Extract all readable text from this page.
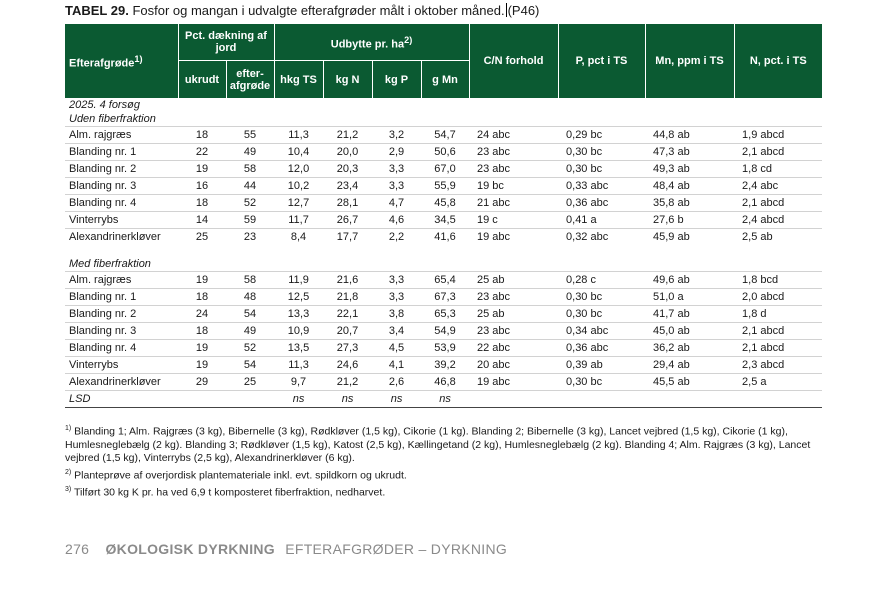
TABEL 29. Fosfor og mangan i udvalgte efterafgrøder målt i oktober måned. (P46)
Efterafgrøde$^{1)}$	Pct. dækning af jord		Udbytte pr. $ha^{2)}$				C/N forhold	P, pct i TS	Mn, ppm i TS	N, pct. i TS
	ukrudt	efter-afgrøde	hkg TS	kg N	kg P	g Mn				
2025. 4 forsøg										
Uden fiberfraktion										
Alm. rajgræs	18	55	11,3	21,2	3,2	54,7	24 abc	0,29 bc	44,8 ab	1,9 abcd
Blanding nr. 1	22	49	10,4	20,0	2,9	50,6	23 abc	0,30 bc	47,3 ab	2,1 abcd
Blanding nr. 2	19	58	12,0	20,3	3,3	67,0	23 abc	0,30 bc	49,3 ab	1,8 cd
Blanding nr. 3	16	44	10,2	23,4	3,3	55,9	19 bc	0,33 abc	48,4 ab	2,4 abc
Blanding nr. 4	18	52	12,7	28,1	4,7	45,8	21 abc	0,36 abc	35,8 ab	2,1 abcd
Vinterrybs	14	59	11,7	26,7	4,6	34,5	19 c	0,41 a	27,6 b	2,4 abcd
Alexandrinerkløver	25	23	8,4	17,7	2,2	41,6	19 abc	0,32 abc	45,9 ab	2,5 ab

Med fiberfraktion										
Alm. rajgræs	19	58	11,9	21,6	3,3	65,4	25 ab	0,28 c	49,6 ab	1,8 bcd
Blanding nr. 1	18	48	12,5	21,8	3,3	67,3	23 abc	0,30 bc	51,0 a	2,0 abcd
Blanding nr. 2	24	54	13,3	22,1	3,8	65,3	25 ab	0,30 bc	41,7 ab	1,8 d
Blanding nr. 3	18	49	10,9	20,7	3,4	54,9	23 abc	0,34 abc	45,0 ab	2,1 abcd
Blanding nr. 4	19	52	13,5	27,3	4,5	53,9	22 abc	0,36 abc	36,2 ab	2,1 abcd
Vinterrybs	19	54	11,3	24,6	4,1	39,2	20 abc	0,39 ab	29,4 ab	2,3 abcd
Alexandrinerkløver	29	25	9,7	21,2	2,6	46,8	19 abc	0,30 bc	45,5 ab	2,5 a
LSD			ns	ns	ns	ns				
$^{1)}$ Blanding 1; Alm. Rajgræs (3 kg), Bibernelle (3 kg), Rødkløver (1,5 kg), Cikorie (1 kg). Blanding 2; Bibernelle (3 kg), Lancet vejbred (1,5 kg), Cikorie (1 kg), Humlesneglebælg (2 kg). Blanding 3; Rødkløver (1,5 kg), Katost (2,5 kg), Kællingetand (2 kg), Humlesneglebælg (2 kg). Blanding 4; Alm. Rajgræs (3 kg), Lancet vejbred (1,5 kg), Vinterrybs (2,5 kg), Alexandrinerkløver (6 kg).
$^{2)}$ Planteprøve af overjordisk plantemateriale inkl. evt. spildkorn og ukrudt.
$^{3)}$ Tilført 30 kg K pr. ha ved 6,9 t komposteret fiberfraktion, nedharvet.
276 ØKOLOGISK DYRKNING EFTERAFGRØDER – DYRKNING
